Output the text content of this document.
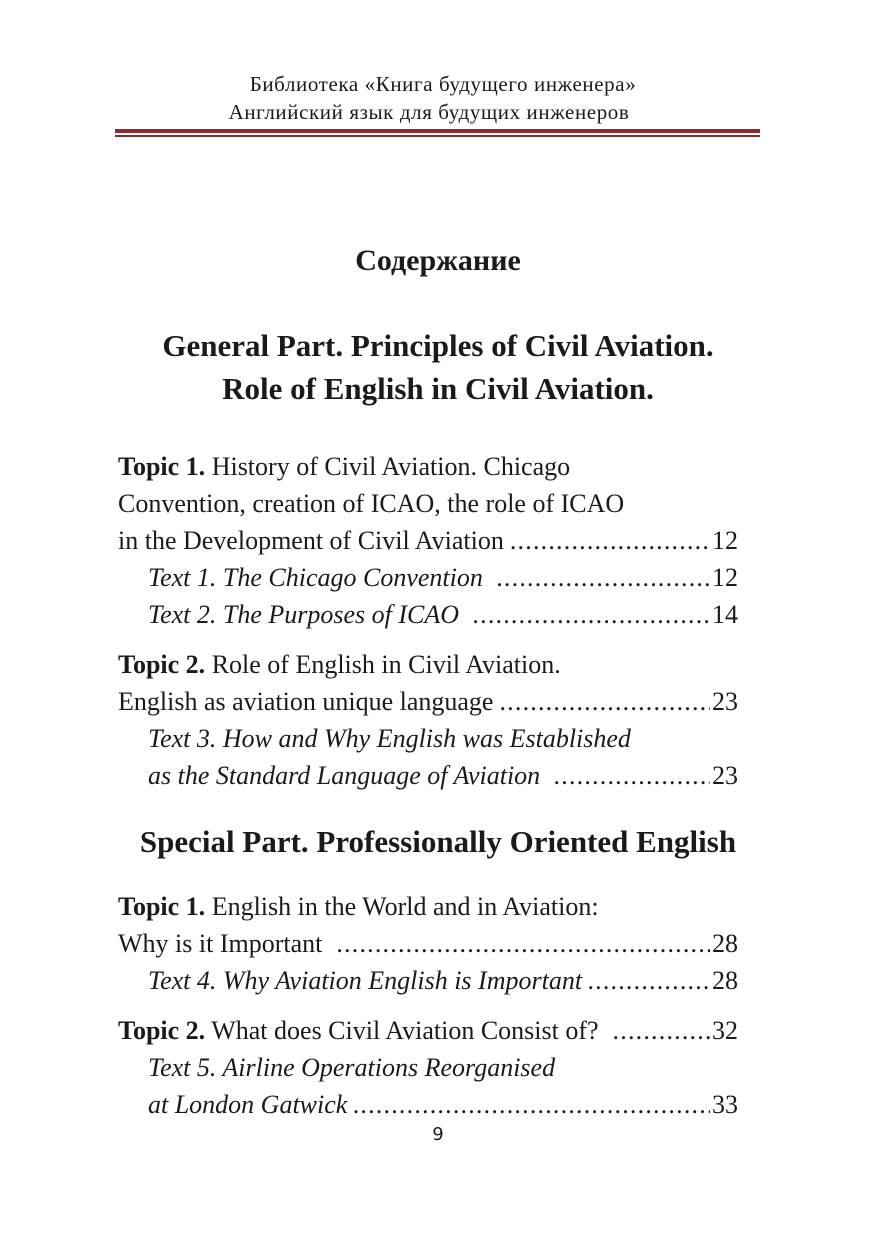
Библиотека «Книга будущего инженера»
Английский язык для будущих инженеров
Содержание
General Part. Principles of Civil Aviation.
Role of English in Civil Aviation.
Topic 1. History of Civil Aviation. Chicago
Convention, creation of ICAO, the role of ICAO
in the Development of Civil Aviation .....	12
Text 1. The Chicago Convention .....	12
Text 2. The Purposes of ICAO .....	14
Topic 2. Role of English in Civil Aviation.
English as aviation unique language .....	23
Text 3. How and Why English was Established
as the Standard Language of Aviation .....	23
Special Part. Professionally Oriented English
Topic 1. English in the World and in Aviation:
Why is it Important .....	28
Text 4. Why Aviation English is Important .....	28
Topic 2. What does Civil Aviation Consist of? .....	32
Text 5. Airline Operations Reorganised
at London Gatwick .....	33
9
